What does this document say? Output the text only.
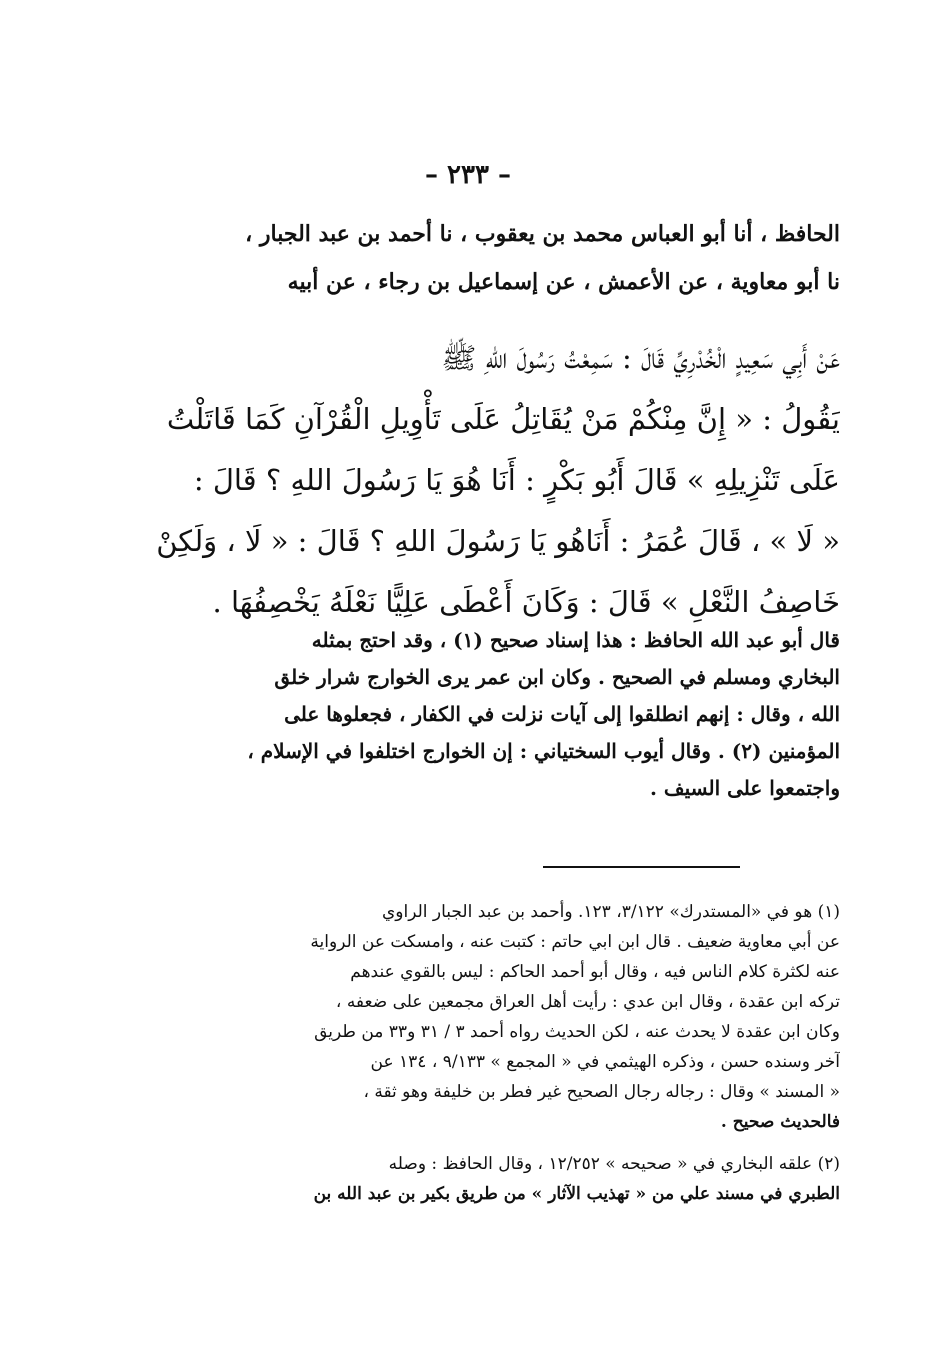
– ٢٣٣ –
الحافظ ، أنا أبو العباس محمد بن يعقوب ، نا أحمد بن عبد الجبار ،
نا أبو معاوية ، عن الأعمش ، عن إسماعيل بن رجاء ، عن أبيه
عَنْ أَبِي سَعِيدٍ الْخُدْرِيِّ قَالَ : سَمِعْتُ رَسُولَ اللهِ ﷺ
يَقُولُ : « إِنَّ مِنْكُمْ مَنْ يُقَاتِلُ عَلَى تَأْوِيلِ الْقُرْآنِ كَمَا قَاتَلْتُ
عَلَى تَنْزِيلِهِ » قَالَ أَبُو بَكْرٍ : أَنَا هُوَ يَا رَسُولَ اللهِ ؟ قَالَ :
« لَا » ، قَالَ عُمَرُ : أَنَاهُو يَا رَسُولَ اللهِ ؟ قَالَ : « لَا ، وَلَكِنْ
خَاصِفُ النَّعْلِ » قَالَ : وَكَانَ أَعْطَى عَلِيًّا نَعْلَهُ يَخْصِفُهَا .
قال أبو عبد الله الحافظ : هذا إسناد صحيح (١) ، وقد احتج بمثله
البخاري ومسلم في الصحيح . وكان ابن عمر يرى الخوارج شرار خلق
الله ، وقال : إنهم انطلقوا إلى آيات نزلت في الكفار ، فجعلوها على
المؤمنين (٢) . وقال أيوب السختياني : إن الخوارج اختلفوا في الإسلام ،
واجتمعوا على السيف .
(١) هو في «المستدرك» ٣/١٢٢، ١٢٣. وأحمد بن عبد الجبار الراوي
عن أبي معاوية ضعيف . قال ابن ابي حاتم : كتبت عنه ، وامسكت عن الرواية
عنه لكثرة كلام الناس فيه ، وقال أبو أحمد الحاكم : ليس بالقوي عندهم
تركه ابن عقدة ، وقال ابن عدي : رأيت أهل العراق مجمعين على ضعفه ،
وكان ابن عقدة لا يحدث عنه ، لكن الحديث رواه أحمد ٣ / ٣١ و٣٣ من طريق
آخر وسنده حسن ، وذكره الهيثمي في « المجمع » ٩/١٣٣ ، ١٣٤ عن
« المسند » وقال : رجاله رجال الصحيح غير فطر بن خليفة وهو ثقة ،
فالحديث صحيح .
(٢) علقه البخاري في « صحيحه » ١٢/٢٥٢ ، وقال الحافظ : وصله
الطبري في مسند علي من « تهذيب الآثار » من طريق بكير بن عبد الله بن
